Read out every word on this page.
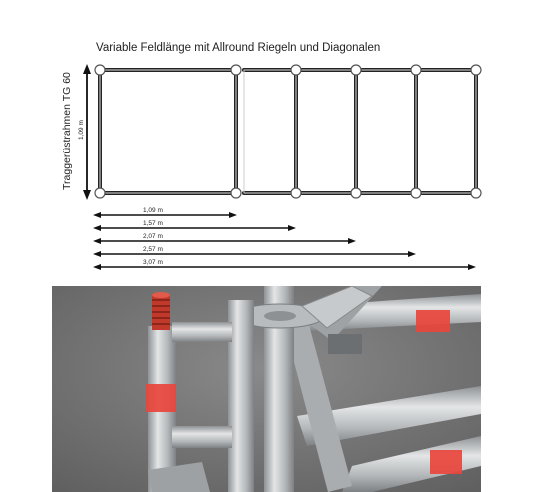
Variable Feldlänge mit Allround Riegeln und Diagonalen
Traggerüstrahmen TG 60 1,09 m
1,09 m
1,57 m
2,07 m
2,57 m
3,07 m
